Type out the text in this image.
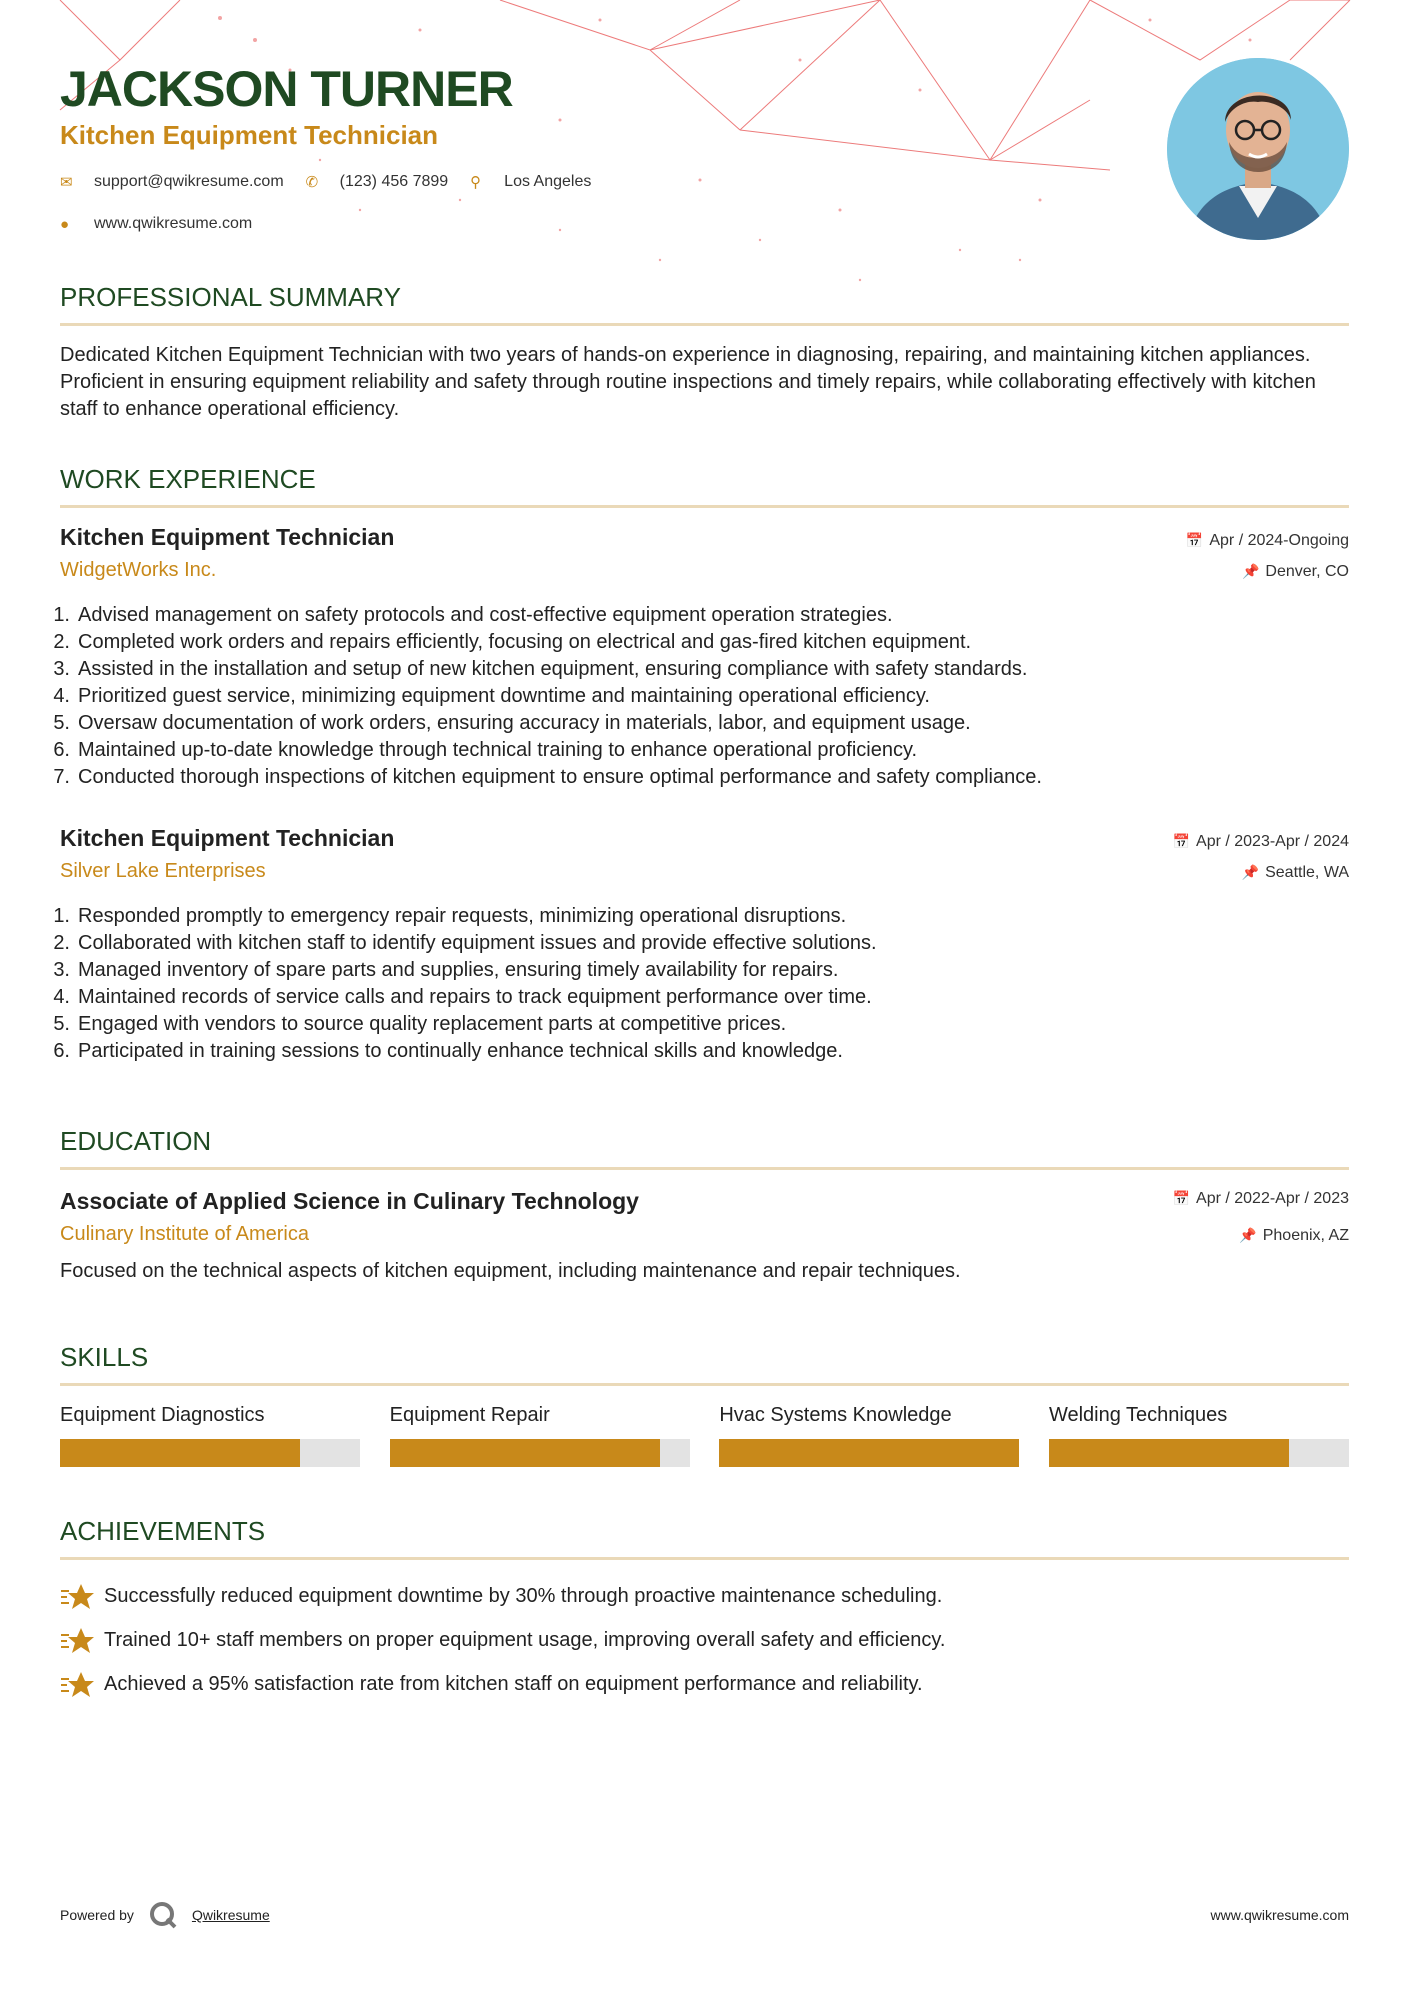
JACKSON TURNER
Kitchen Equipment Technician
✉	support@qwikresume.com ✆	(123) 456 7899 ⚲	Los Angeles
●	www.qwikresume.com
PROFESSIONAL SUMMARY

Dedicated Kitchen Equipment Technician with two years of hands-on experience in diagnosing, repairing, and maintaining kitchen appliances. Proficient in ensuring equipment reliability and safety through routine inspections and timely repairs, while collaborating effectively with kitchen staff to enhance operational efficiency.

WORK EXPERIENCE
Kitchen Equipment Technician

WidgetWorks Inc.

📅 Apr / 2024-Ongoing
📌 Denver, CO
1. Advised management on safety protocols and cost-effective equipment operation strategies.
2. Completed work orders and repairs efficiently, focusing on electrical and gas-fired kitchen equipment.
3. Assisted in the installation and setup of new kitchen equipment, ensuring compliance with safety standards.
4. Prioritized guest service, minimizing equipment downtime and maintaining operational efficiency.
5. Oversaw documentation of work orders, ensuring accuracy in materials, labor, and equipment usage.
6. Maintained up-to-date knowledge through technical training to enhance operational proficiency.
7. Conducted thorough inspections of kitchen equipment to ensure optimal performance and safety compliance.
Kitchen Equipment Technician

Silver Lake Enterprises

📅 Apr / 2023-Apr / 2024
📌 Seattle, WA
1. Responded promptly to emergency repair requests, minimizing operational disruptions.
2. Collaborated with kitchen staff to identify equipment issues and provide effective solutions.
3. Managed inventory of spare parts and supplies, ensuring timely availability for repairs.
4. Maintained records of service calls and repairs to track equipment performance over time.
5. Engaged with vendors to source quality replacement parts at competitive prices.
6. Participated in training sessions to continually enhance technical skills and knowledge.
EDUCATION
Associate of Applied Science in Culinary Technology

Culinary Institute of America

📅 Apr / 2022-Apr / 2023
📌 Phoenix, AZ

Focused on the technical aspects of kitchen equipment, including maintenance and repair techniques.

SKILLS
Equipment Diagnostics	Equipment Repair	Hvac Systems Knowledge	Welding Techniques
ACHIEVEMENTS
Successfully reduced equipment downtime by 30% through proactive maintenance scheduling.
Trained 10+ staff members on proper equipment usage, improving overall safety and efficiency.
Achieved a 95% satisfaction rate from kitchen staff on equipment performance and reliability.
Powered by	Qwikresume	www.qwikresume.com
